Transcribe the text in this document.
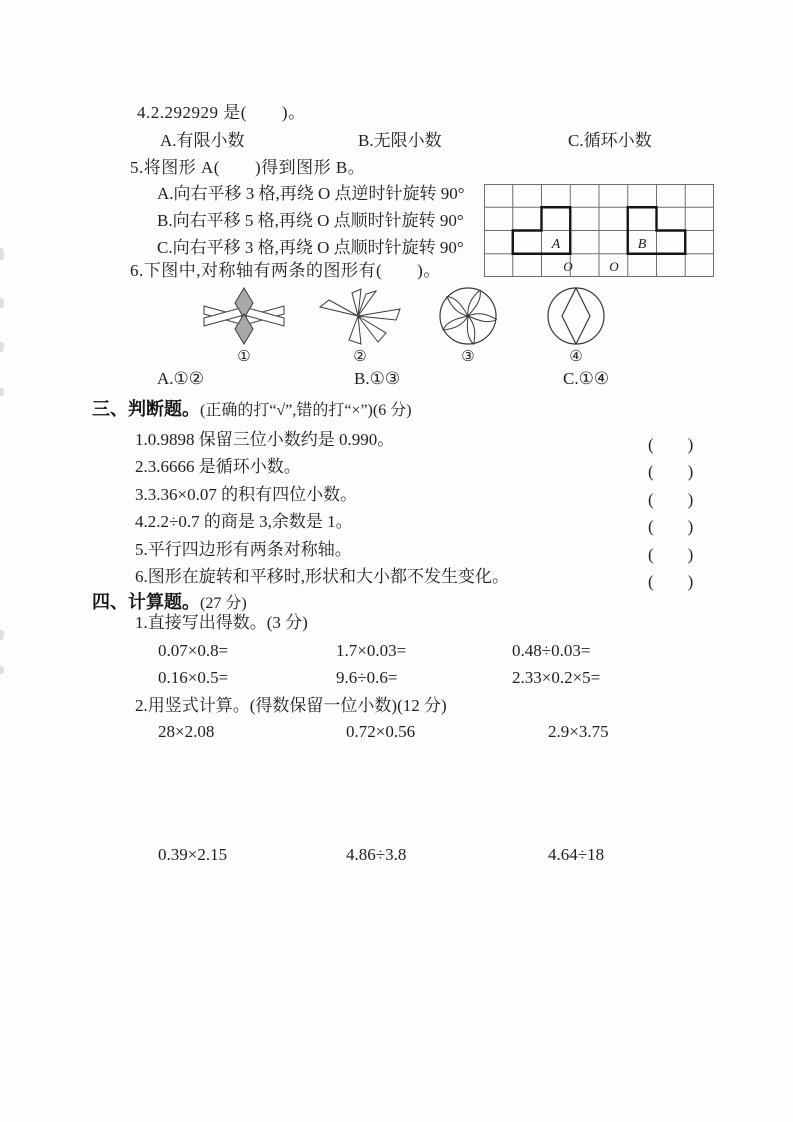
4.2.292929 是(　　)。
A.有限小数	B.无限小数	C.循环小数
5.将图形 A(　　)得到图形 B。
A.向右平移 3 格,再绕 O 点逆时针旋转 90°
B.向右平移 5 格,再绕 O 点顺时针旋转 90°
C.向右平移 3 格,再绕 O 点顺时针旋转 90°	A	B
O	O
6.下图中,对称轴有两条的图形有(　　)。
①	②	③	④
A.①②	B.①③	C.①④
三、判断题。(正确的打“√”,错的打“×”)(6 分)
1.0.9898 保留三位小数约是 0.990。	(　　)
2.3.6666 是循环小数。	(　　)
3.3.36×0.07 的积有四位小数。	(　　)
4.2.2÷0.7 的商是 3,余数是 1。	(　　)
5.平行四边形有两条对称轴。	(　　)
6.图形在旋转和平移时,形状和大小都不发生变化。	(　　)
四、计算题。(27 分)
1.直接写出得数。(3 分)
0.07×0.8=	1.7×0.03=	0.48÷0.03=
0.16×0.5=	9.6÷0.6=	2.33×0.2×5=
2.用竖式计算。(得数保留一位小数)(12 分)
28×2.08	0.72×0.56	2.9×3.75
0.39×2.15	4.86÷3.8	4.64÷18
